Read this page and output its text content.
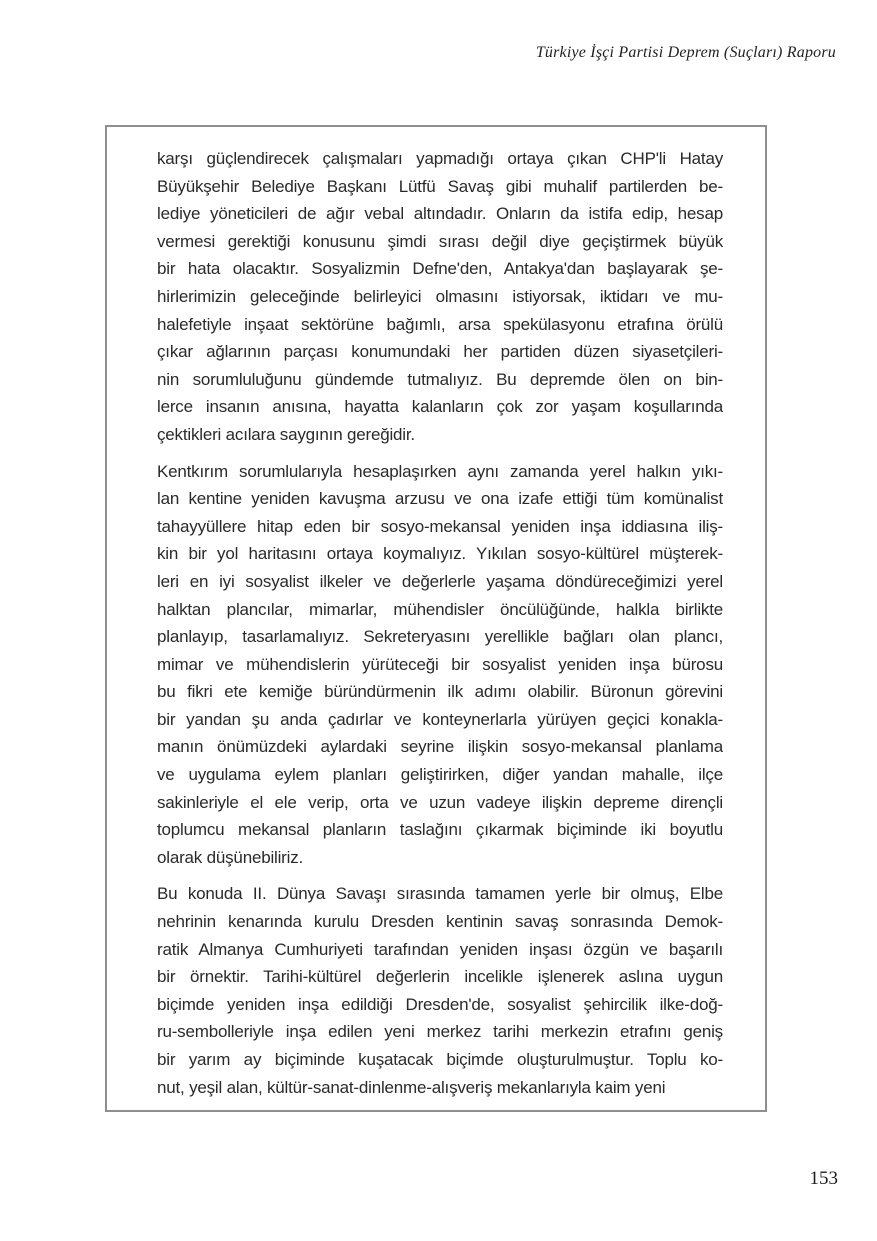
Türkiye İşçi Partisi Deprem (Suçları) Raporu
karşı güçlendirecek çalışmaları yapmadığı ortaya çıkan CHP'li Hatay
Büyükşehir Belediye Başkanı Lütfü Savaş gibi muhalif partilerden be-
lediye yöneticileri de ağır vebal altındadır. Onların da istifa edip, hesap
vermesi gerektiği konusunu şimdi sırası değil diye geçiştirmek büyük
bir hata olacaktır. Sosyalizmin Defne'den, Antakya'dan başlayarak şe-
hirlerimizin geleceğinde belirleyici olmasını istiyorsak, iktidarı ve mu-
halefetiyle inşaat sektörüne bağımlı, arsa spekülasyonu etrafına örülü
çıkar ağlarının parçası konumundaki her partiden düzen siyasetçileri-
nin sorumluluğunu gündemde tutmalıyız. Bu depremde ölen on bin-
lerce insanın anısına, hayatta kalanların çok zor yaşam koşullarında
çektikleri acılara saygının gereğidir.
Kentkırım sorumlularıyla hesaplaşırken aynı zamanda yerel halkın yıkı-
lan kentine yeniden kavuşma arzusu ve ona izafe ettiği tüm komünalist
tahayyüllere hitap eden bir sosyo-mekansal yeniden inşa iddiasına iliş-
kin bir yol haritasını ortaya koymalıyız. Yıkılan sosyo-kültürel müşterek-
leri en iyi sosyalist ilkeler ve değerlerle yaşama döndüreceğimizi yerel
halktan plancılar, mimarlar, mühendisler öncülüğünde, halkla birlikte
planlayıp, tasarlamalıyız. Sekreteryasını yerellikle bağları olan plancı,
mimar ve mühendislerin yürüteceği bir sosyalist yeniden inşa bürosu
bu fikri ete kemiğe büründürmenin ilk adımı olabilir. Büronun görevini
bir yandan şu anda çadırlar ve konteynerlarla yürüyen geçici konakla-
manın önümüzdeki aylardaki seyrine ilişkin sosyo-mekansal planlama
ve uygulama eylem planları geliştirirken, diğer yandan mahalle, ilçe
sakinleriyle el ele verip, orta ve uzun vadeye ilişkin depreme dirençli
toplumcu mekansal planların taslağını çıkarmak biçiminde iki boyutlu
olarak düşünebiliriz.
Bu konuda II. Dünya Savaşı sırasında tamamen yerle bir olmuş, Elbe
nehrinin kenarında kurulu Dresden kentinin savaş sonrasında Demok-
ratik Almanya Cumhuriyeti tarafından yeniden inşası özgün ve başarılı
bir örnektir. Tarihi-kültürel değerlerin incelikle işlenerek aslına uygun
biçimde yeniden inşa edildiği Dresden'de, sosyalist şehircilik ilke-doğ-
ru-sembolleriyle inşa edilen yeni merkez tarihi merkezin etrafını geniş
bir yarım ay biçiminde kuşatacak biçimde oluşturulmuştur. Toplu ko-
nut, yeşil alan, kültür-sanat-dinlenme-alışveriş mekanlarıyla kaim yeni
153
